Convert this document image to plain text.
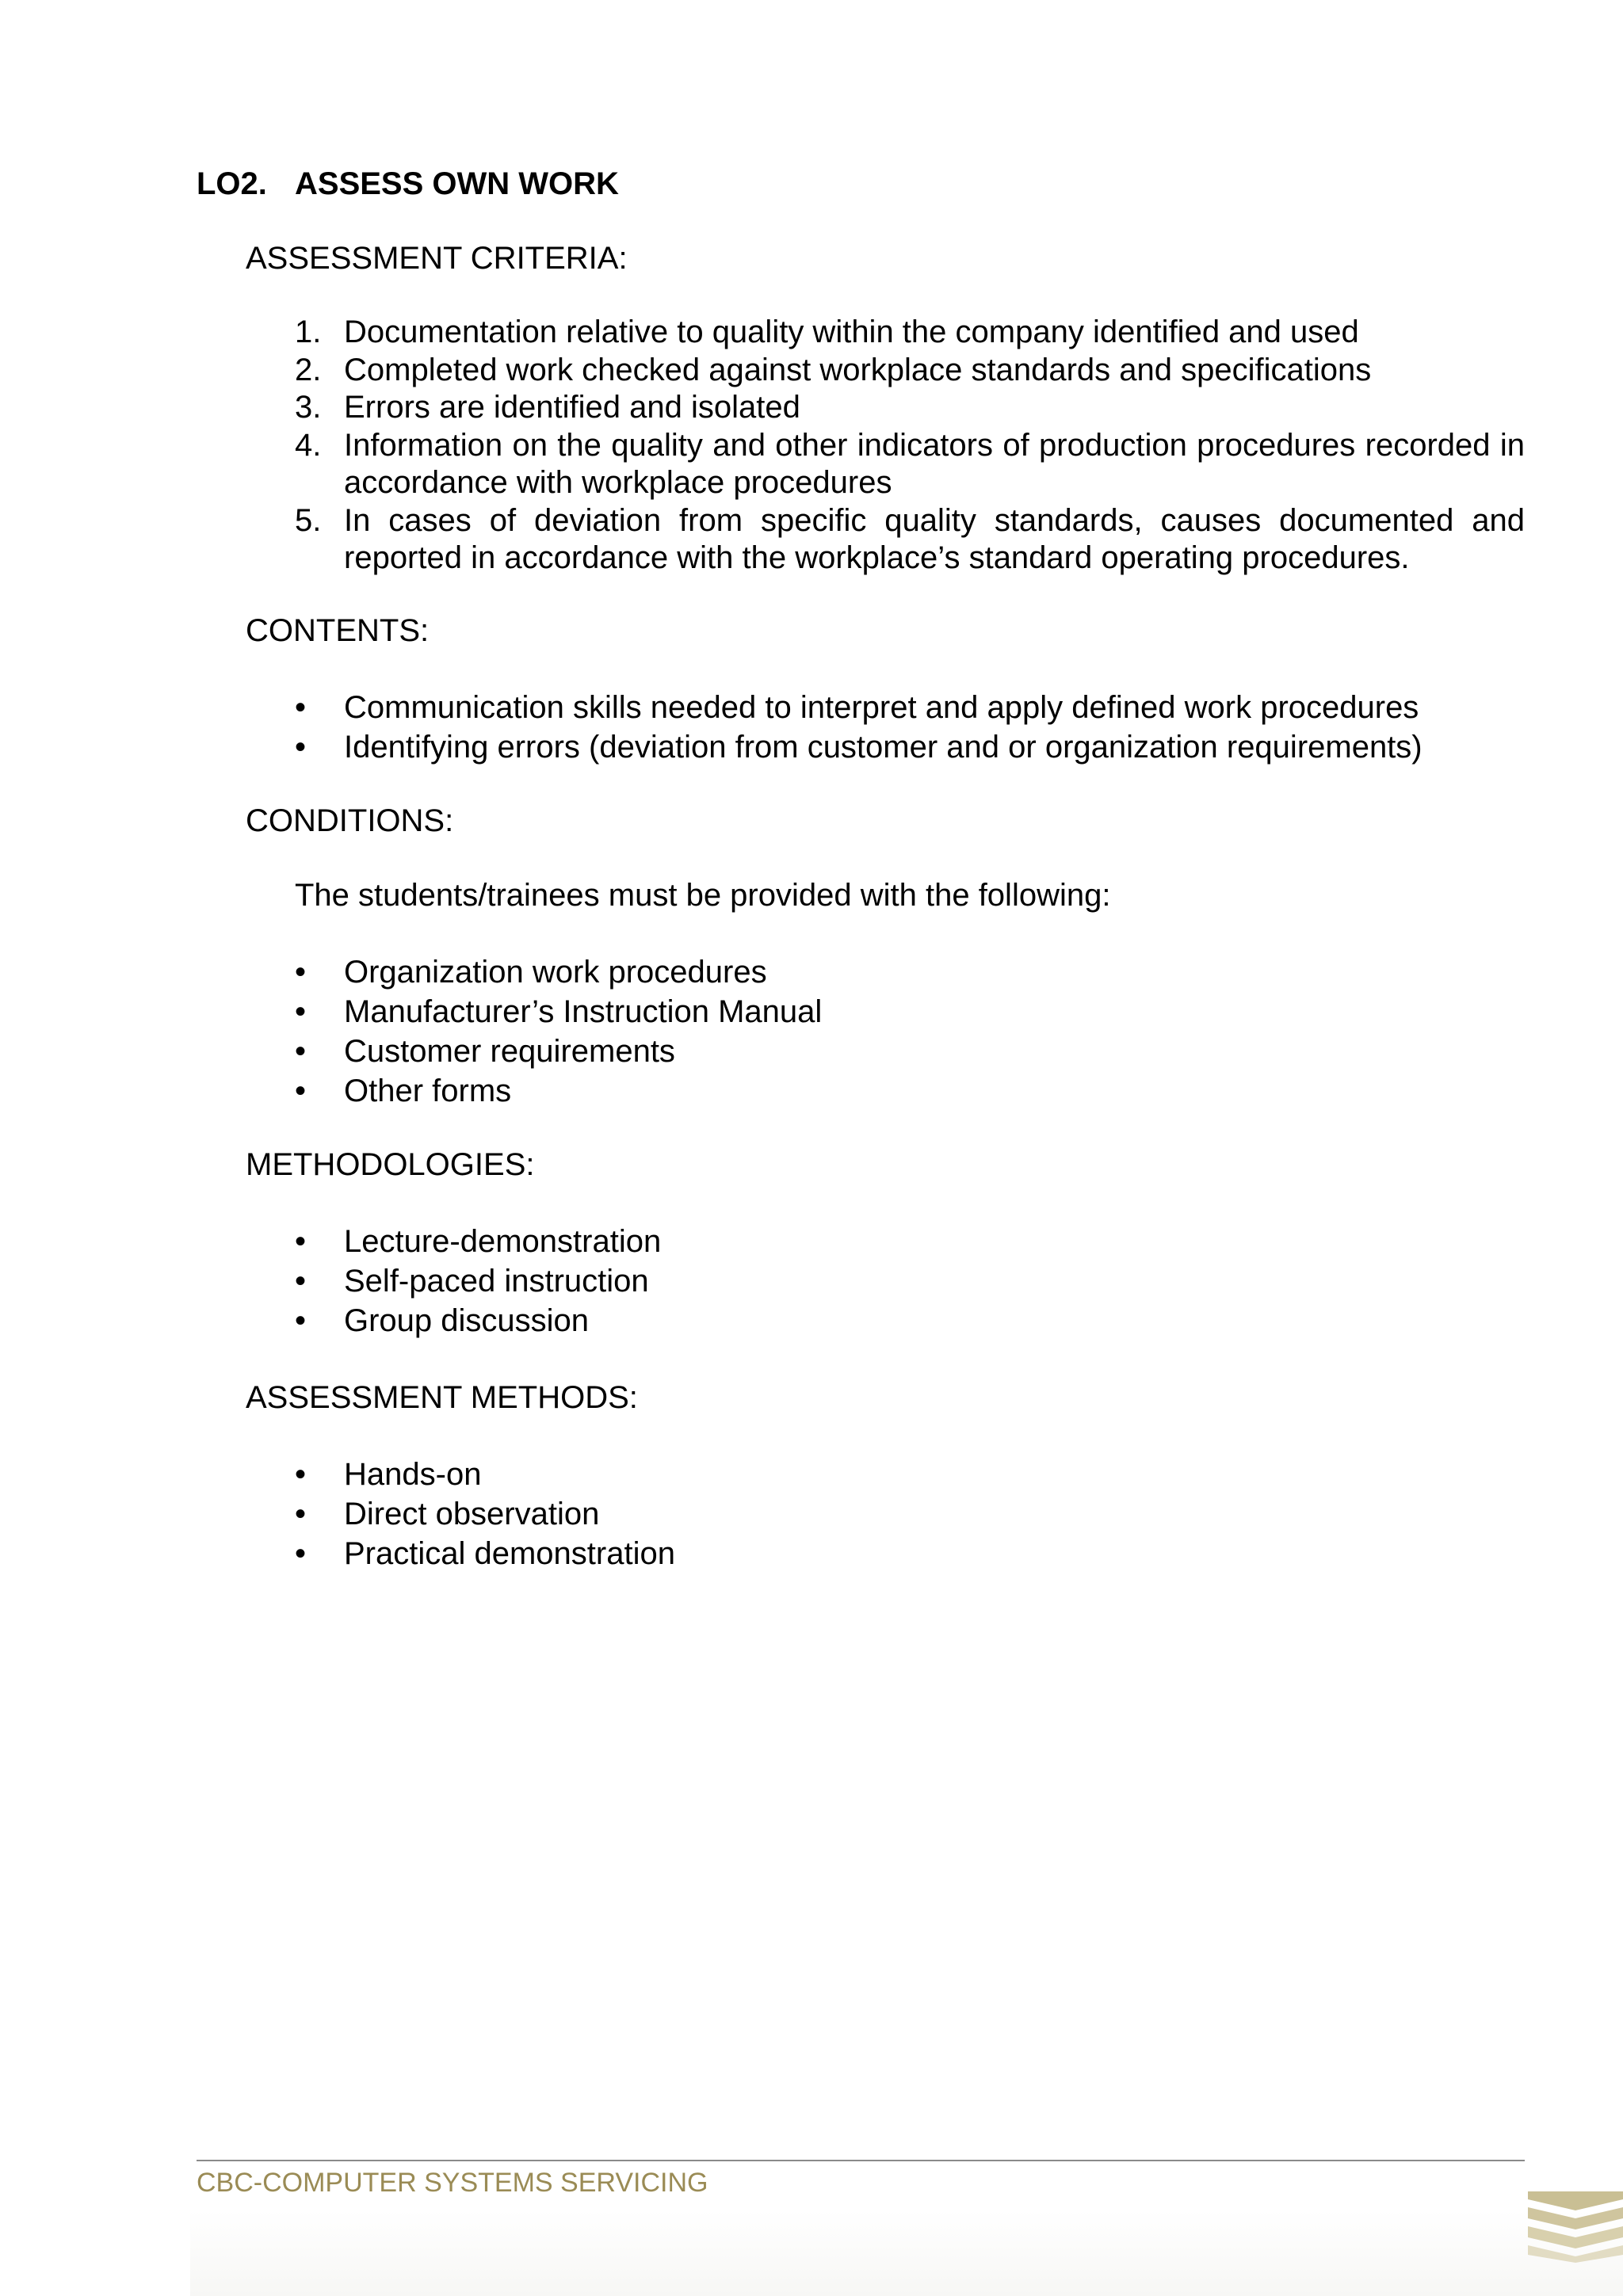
LO2. ASSESS OWN WORK
ASSESSMENT CRITERIA:
1. Documentation relative to quality within the company identified and used
2. Completed work checked against workplace standards and specifications
3. Errors are identified and isolated
4. Information on the quality and other indicators of production procedures recorded in accordance with workplace procedures
5. In cases of deviation from specific quality standards, causes documented and reported in accordance with the workplace’s standard operating procedures.
CONTENTS:
• Communication skills needed to interpret and apply defined work procedures
• Identifying errors (deviation from customer and or organization requirements)
CONDITIONS:
The students/trainees must be provided with the following:
• Organization work procedures
• Manufacturer’s Instruction Manual
• Customer requirements
• Other forms
METHODOLOGIES:
• Lecture-demonstration
• Self-paced instruction
• Group discussion
ASSESSMENT METHODS:
• Hands-on
• Direct observation
• Practical demonstration
CBC-COMPUTER SYSTEMS SERVICING
